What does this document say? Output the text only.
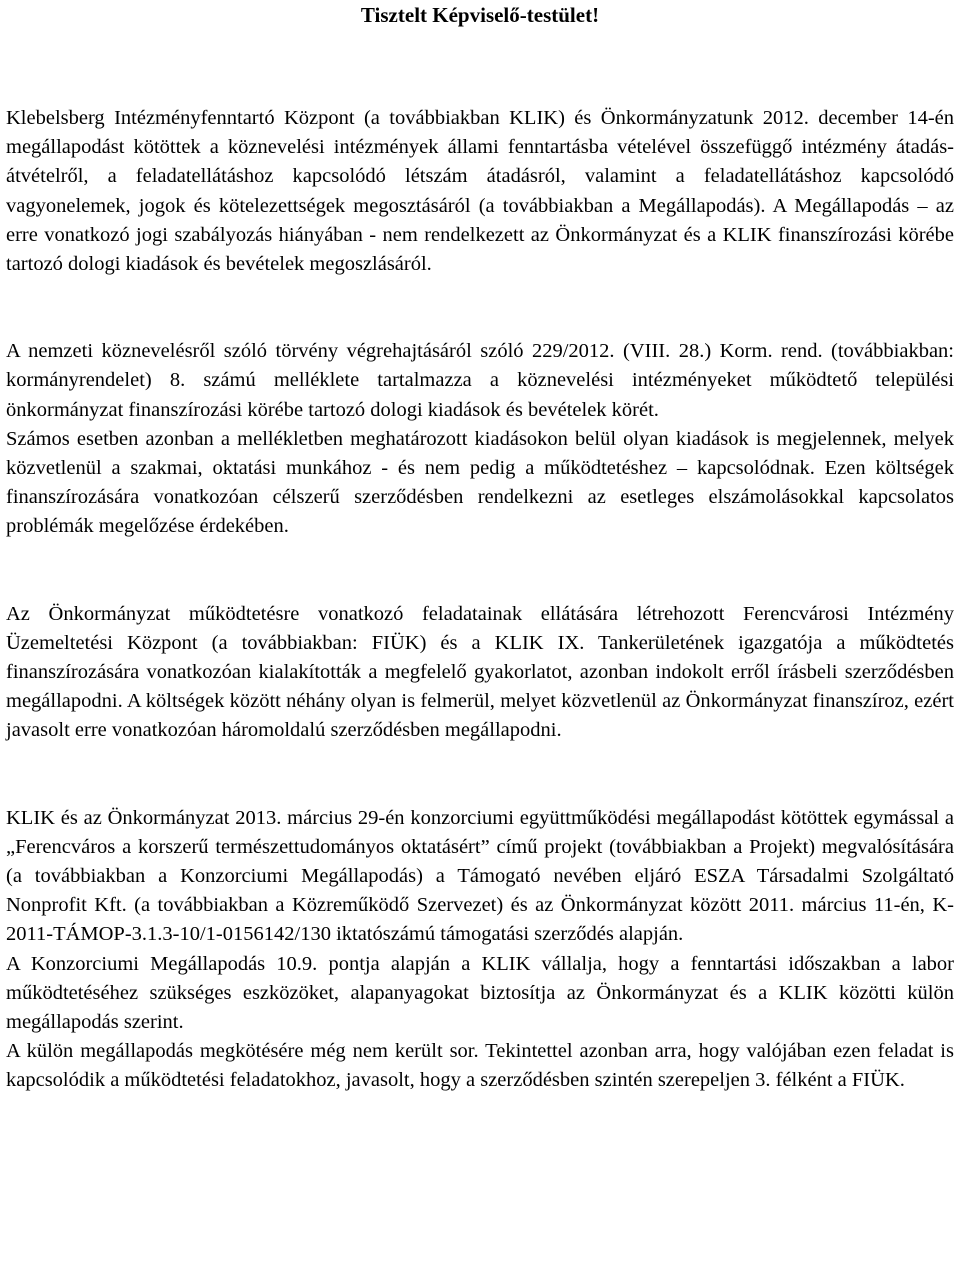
Tisztelt Képviselő-testület!

Klebelsberg Intézményfenntartó Központ (a továbbiakban KLIK) és Önkormányzatunk 2012. december 14-én megállapodást kötöttek a köznevelési intézmények állami fenntartásba vételével összefüggő intézmény átadás-átvételről, a feladatellátáshoz kapcsolódó létszám átadásról, valamint a feladatellátáshoz kapcsolódó vagyonelemek, jogok és kötelezettségek megosztásáról (a továbbiakban a Megállapodás). A Megállapodás – az erre vonatkozó jogi szabályozás hiányában - nem rendelkezett az Önkormányzat és a KLIK finanszírozási körébe tartozó dologi kiadások és bevételek megoszlásáról.

A nemzeti köznevelésről szóló törvény végrehajtásáról szóló 229/2012. (VIII. 28.) Korm. rend. (továbbiakban: kormányrendelet) 8. számú melléklete tartalmazza a köznevelési intézményeket működtető települési önkormányzat finanszírozási körébe tartozó dologi kiadások és bevételek körét.

Számos esetben azonban a mellékletben meghatározott kiadásokon belül olyan kiadások is megjelennek, melyek közvetlenül a szakmai, oktatási munkához - és nem pedig a működtetéshez – kapcsolódnak. Ezen költségek finanszírozására vonatkozóan célszerű szerződésben rendelkezni az esetleges elszámolásokkal kapcsolatos problémák megelőzése érdekében.

Az Önkormányzat működtetésre vonatkozó feladatainak ellátására létrehozott Ferencvárosi Intézmény Üzemeltetési Központ (a továbbiakban: FIÜK) és a KLIK IX. Tankerületének igazgatója a működtetés finanszírozására vonatkozóan kialakították a megfelelő gyakorlatot, azonban indokolt erről írásbeli szerződésben megállapodni. A költségek között néhány olyan is felmerül, melyet közvetlenül az Önkormányzat finanszíroz, ezért javasolt erre vonatkozóan háromoldalú szerződésben megállapodni.

KLIK és az Önkormányzat 2013. március 29-én konzorciumi együttműködési megállapodást kötöttek egymással a „Ferencváros a korszerű természettudományos oktatásért” című projekt (továbbiakban a Projekt) megvalósítására (a továbbiakban a Konzorciumi Megállapodás) a Támogató nevében eljáró ESZA Társadalmi Szolgáltató Nonprofit Kft. (a továbbiakban a Közreműködő Szervezet) és az Önkormányzat között 2011. március 11-én, K-2011-TÁMOP-3.1.3-10/1-0156142/130 iktatószámú támogatási szerződés alapján.

A Konzorciumi Megállapodás 10.9. pontja alapján a KLIK vállalja, hogy a fenntartási időszakban a labor működtetéséhez szükséges eszközöket, alapanyagokat biztosítja az Önkormányzat és a KLIK közötti külön megállapodás szerint.

A külön megállapodás megkötésére még nem került sor. Tekintettel azonban arra, hogy valójában ezen feladat is kapcsolódik a működtetési feladatokhoz, javasolt, hogy a szerződésben szintén szerepeljen 3. félként a FIÜK.
